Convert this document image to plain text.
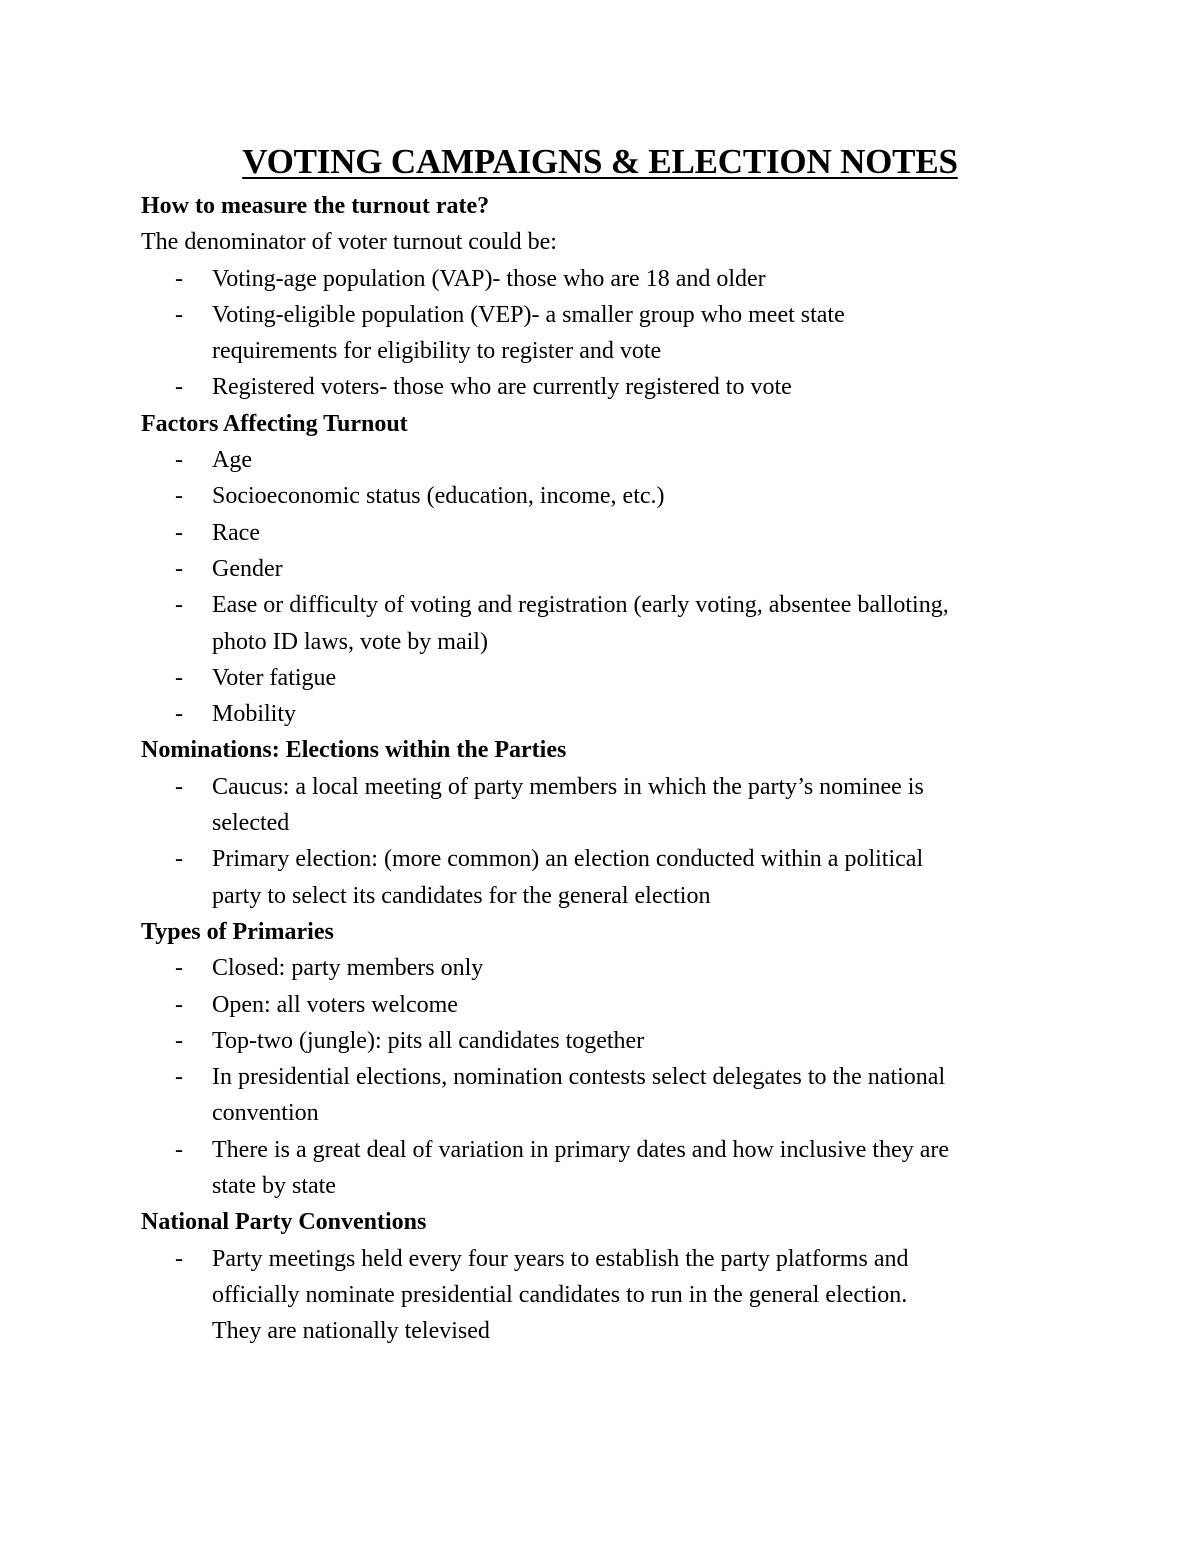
VOTING CAMPAIGNS & ELECTION NOTES
How to measure the turnout rate?
The denominator of voter turnout could be:
- Voting-age population (VAP)- those who are 18 and older
- Voting-eligible population (VEP)- a smaller group who meet state
requirements for eligibility to register and vote
- Registered voters- those who are currently registered to vote
Factors Affecting Turnout
- Age
- Socioeconomic status (education, income, etc.)
- Race
- Gender
- Ease or difficulty of voting and registration (early voting, absentee balloting,
photo ID laws, vote by mail)
- Voter fatigue
- Mobility
Nominations: Elections within the Parties
- Caucus: a local meeting of party members in which the party’s nominee is
selected
- Primary election: (more common) an election conducted within a political
party to select its candidates for the general election
Types of Primaries
- Closed: party members only
- Open: all voters welcome
- Top-two (jungle): pits all candidates together
- In presidential elections, nomination contests select delegates to the national
convention
- There is a great deal of variation in primary dates and how inclusive they are
state by state
National Party Conventions
- Party meetings held every four years to establish the party platforms and
officially nominate presidential candidates to run in the general election.
They are nationally televised
